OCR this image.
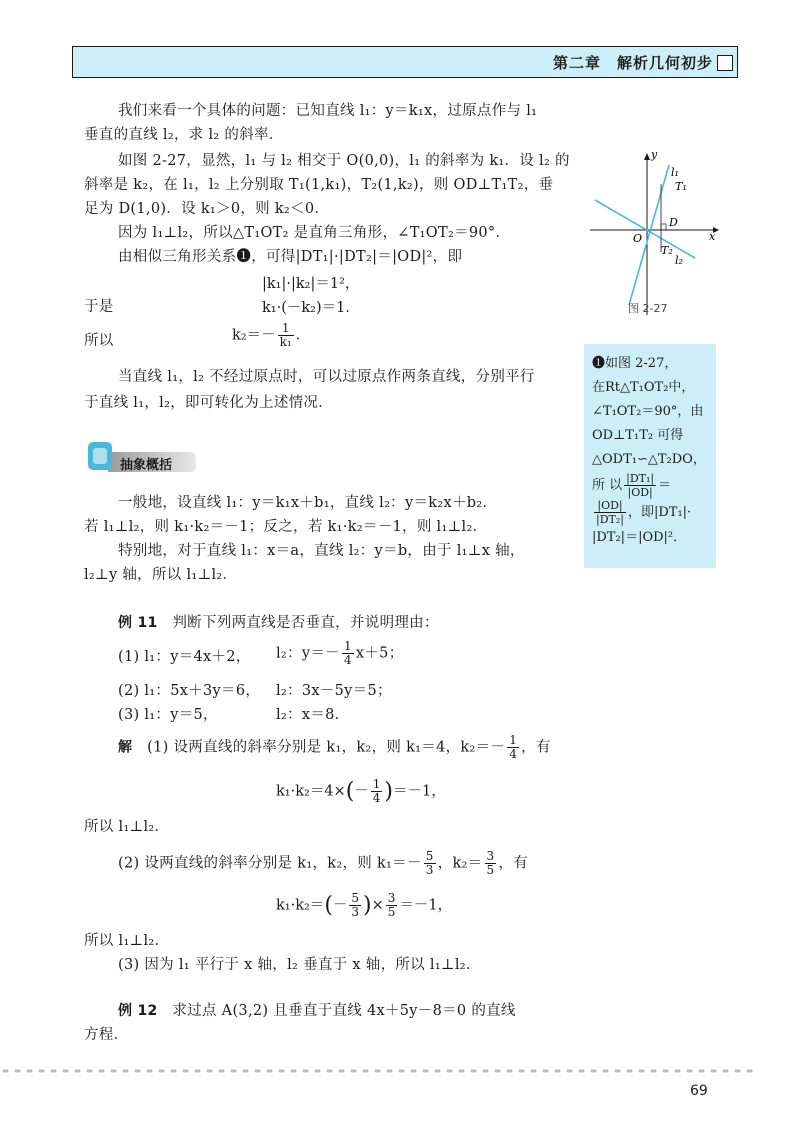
第二章　解析几何初步
我们来看一个具体的问题：已知直线 l₁：y＝k₁x，过原点作与 l₁
垂直的直线 l₂，求 l₂ 的斜率．
如图 2-27，显然，l₁ 与 l₂ 相交于 O(0,0)，l₁ 的斜率为 k₁．设 l₂ 的
斜率是 k₂，在 l₁，l₂ 上分别取 T₁(1,k₁)，T₂(1,k₂)，则 OD⊥T₁T₂，垂
足为 D(1,0)．设 k₁＞0，则 k₂＜0．
因为 l₁⊥l₂，所以△T₁OT₂ 是直角三角形，∠T₁OT₂＝90°．
由相似三角形关系❶，可得|DT₁|·|DT₂|＝|OD|²，即
|k₁|·|k₂|＝1²，
于是	k₁·(－k₂)＝1．
所以	$k_2=- \frac{1}{\text{k₁}}$ ．
当直线 l₁，l₂ 不经过原点时，可以过原点作两条直线，分别平行
于直线 l₁，l₂，即可转化为上述情况．
y
x
O
D
l₁
l₂
T₁
T₂
图 2-27
❶如图 2-27，
在Rt△T₁OT₂中，
∠T₁OT₂＝90°，由
OD⊥T₁T₂ 可得
△ODT₁∽△T₂DO，
所 以 $\frac{\text{|DT₁|}}{|OD|}$ ＝
$\frac{|OD|}{\text{|DT₂|}}$ ，即|DT₁|·
|DT₂|＝|OD|²．
抽象概括
一般地，设直线 l₁：y＝k₁x＋b₁，直线 l₂：y＝k₂x＋b₂．
若 l₁⊥l₂，则 k₁·k₂＝－1；反之，若 k₁·k₂＝－1，则 l₁⊥l₂．
特别地，对于直线 l₁：x＝a，直线 l₂：y＝b，由于 l₁⊥x 轴，
l₂⊥y 轴，所以 l₁⊥l₂．
例 11　 判断下列两直线是否垂直，并说明理由：
(1) l₁：y＝4x＋2， l₂：$y=- \frac{1}{4} x+5$；
(2) l₁：5x＋3y＝6， l₂：3x－5y＝5；
(3) l₁：y＝5，	l₂：x＝8．
解　 (1) 设两直线的斜率分别是 k₁，k₂，则 k₁＝4，$k_2=- \frac{1}{4}$ ，有
$k_1\cdot k_2=4\times(- \frac{1}{4} )=-1$，
所以 l₁⊥l₂．
(2) 设两直线的斜率分别是 k₁，k₂，则 $k_1=- \frac{5}{3}$ ，$k_2= \frac{3}{5}$ ，有
$k_1\cdot k_2=(- \frac{5}{3}$ )× $\frac{3}{5} =-1$，
所以 l₁⊥l₂．
(3) 因为 l₁ 平行于 x 轴，l₂ 垂直于 x 轴，所以 l₁⊥l₂．
例 12　 求过点 A(3,2) 且垂直于直线 4x＋5y－8＝0 的直线
方程．
69
